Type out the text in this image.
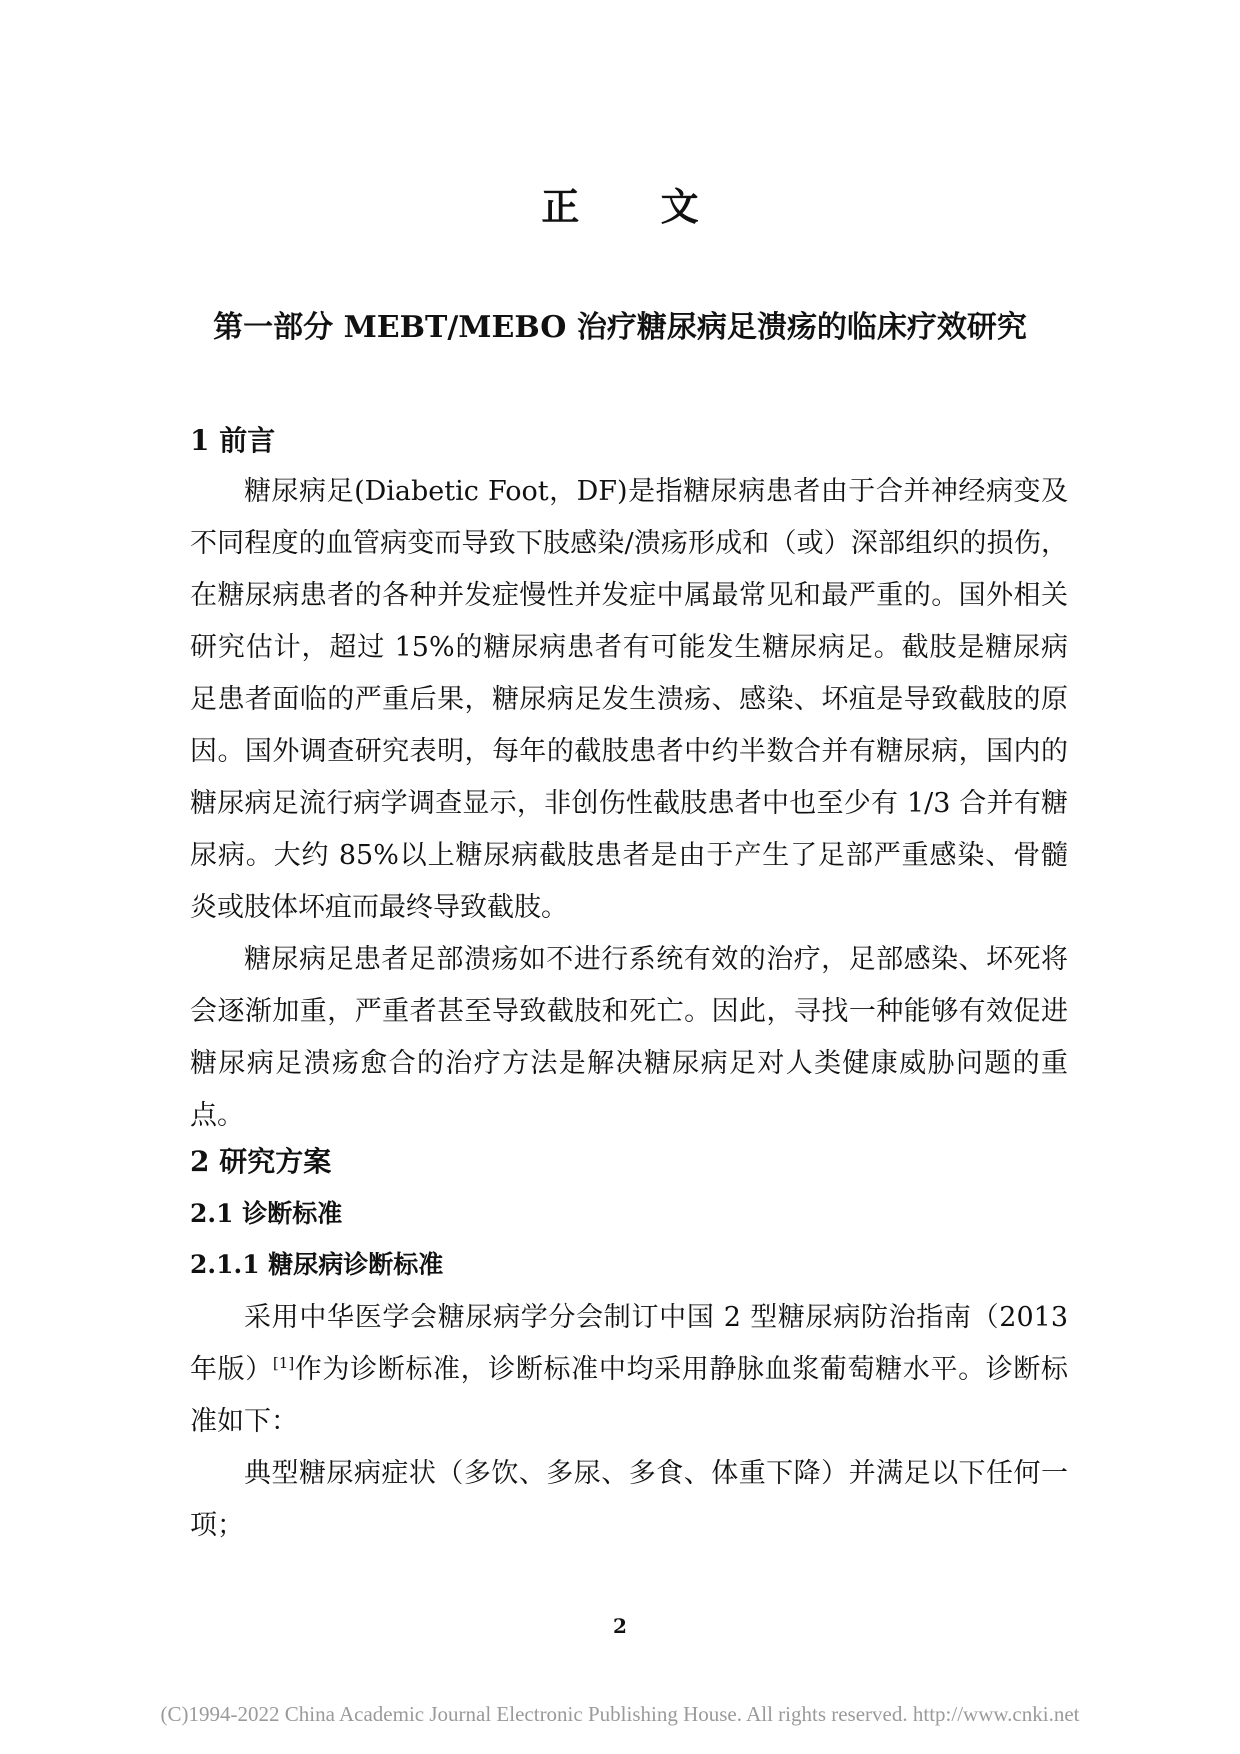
正 文
第一部分 MEBT/MEBO 治疗糖尿病足溃疡的临床疗效研究
1 前言
糖尿病足(Diabetic Foot，DF)是指糖尿病患者由于合并神经病变及不同程度的血管病变而导致下肢感染/溃疡形成和（或）深部组织的损伤，在糖尿病患者的各种并发症慢性并发症中属最常见和最严重的。国外相关研究估计，超过 15%的糖尿病患者有可能发生糖尿病足。截肢是糖尿病足患者面临的严重后果，糖尿病足发生溃疡、感染、坏疽是导致截肢的原因。国外调查研究表明，每年的截肢患者中约半数合并有糖尿病，国内的糖尿病足流行病学调查显示，非创伤性截肢患者中也至少有 1/3 合并有糖尿病。大约 85%以上糖尿病截肢患者是由于产生了足部严重感染、骨髓炎或肢体坏疽而最终导致截肢。
糖尿病足患者足部溃疡如不进行系统有效的治疗，足部感染、坏死将会逐渐加重，严重者甚至导致截肢和死亡。因此，寻找一种能够有效促进糖尿病足溃疡愈合的治疗方法是解决糖尿病足对人类健康威胁问题的重点。
2 研究方案
2.1 诊断标准
2.1.1 糖尿病诊断标准
采用中华医学会糖尿病学分会制订中国 2 型糖尿病防治指南（2013 年版）[1]作为诊断标准，诊断标准中均采用静脉血浆葡萄糖水平。诊断标准如下：
典型糖尿病症状（多饮、多尿、多食、体重下降）并满足以下任何一项；
2
(C)1994-2022 China Academic Journal Electronic Publishing House. All rights reserved. http://www.cnki.net
